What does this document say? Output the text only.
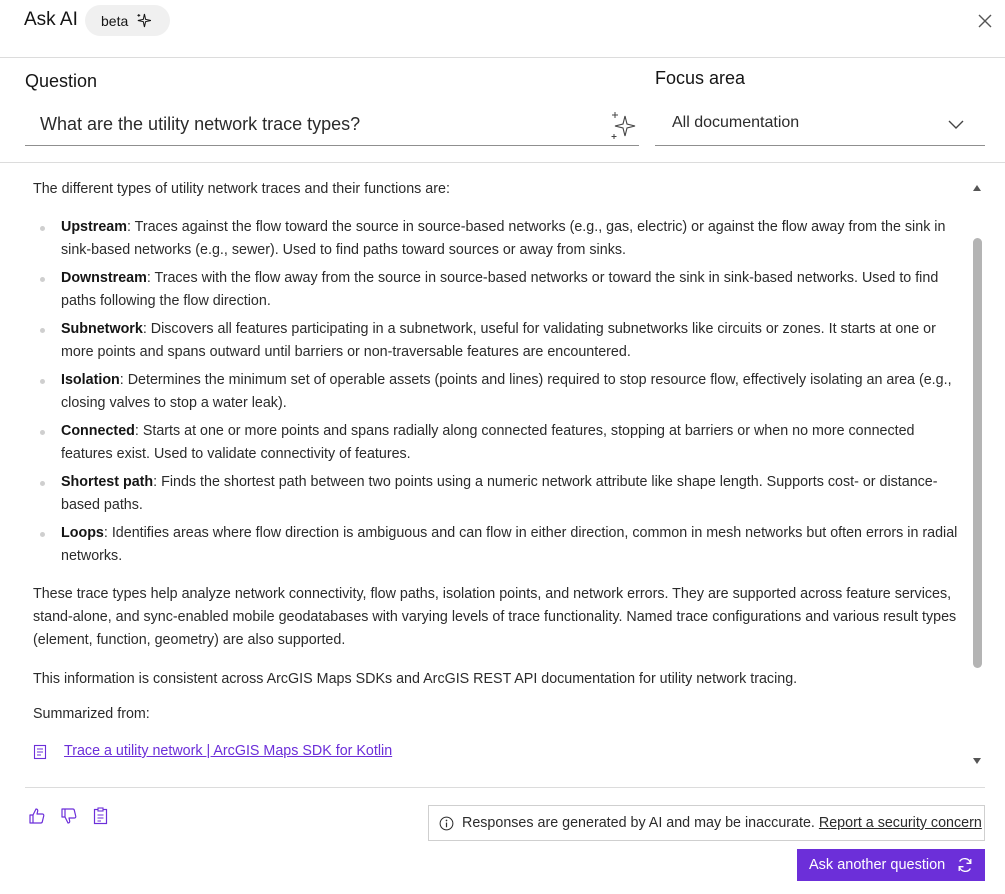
Ask AI beta
Question
What are the utility network trace types?	Focus area
All documentation

The different types of utility network traces and their functions are:

Upstream: Traces against the flow toward the source in source-based networks (e.g., gas, electric) or against the flow away from the sink in sink-based networks (e.g., sewer). Used to find paths toward sources or away from sinks.
Downstream: Traces with the flow away from the source in source-based networks or toward the sink in sink-based networks. Used to find paths following the flow direction.
Subnetwork: Discovers all features participating in a subnetwork, useful for validating subnetworks like circuits or zones. It starts at one or more points and spans outward until barriers or non-traversable features are encountered.
Isolation: Determines the minimum set of operable assets (points and lines) required to stop resource flow, effectively isolating an area (e.g., closing valves to stop a water leak).
Connected: Starts at one or more points and spans radially along connected features, stopping at barriers or when no more connected features exist. Used to validate connectivity of features.
Shortest path: Finds the shortest path between two points using a numeric network attribute like shape length. Supports cost- or distance-based paths.
Loops: Identifies areas where flow direction is ambiguous and can flow in either direction, common in mesh networks but often errors in radial networks.

These trace types help analyze network connectivity, flow paths, isolation points, and network errors. They are supported across feature services, stand-alone, and sync-enabled mobile geodatabases with varying levels of trace functionality. Named trace configurations and various result types (element, function, geometry) are also supported.

This information is consistent across ArcGIS Maps SDKs and ArcGIS REST API documentation for utility network tracing.

Summarized from:

Trace a utility network | ArcGIS Maps SDK for Kotlin
Responses are generated by AI and may be inaccurate. Report a security concern
Ask another question
